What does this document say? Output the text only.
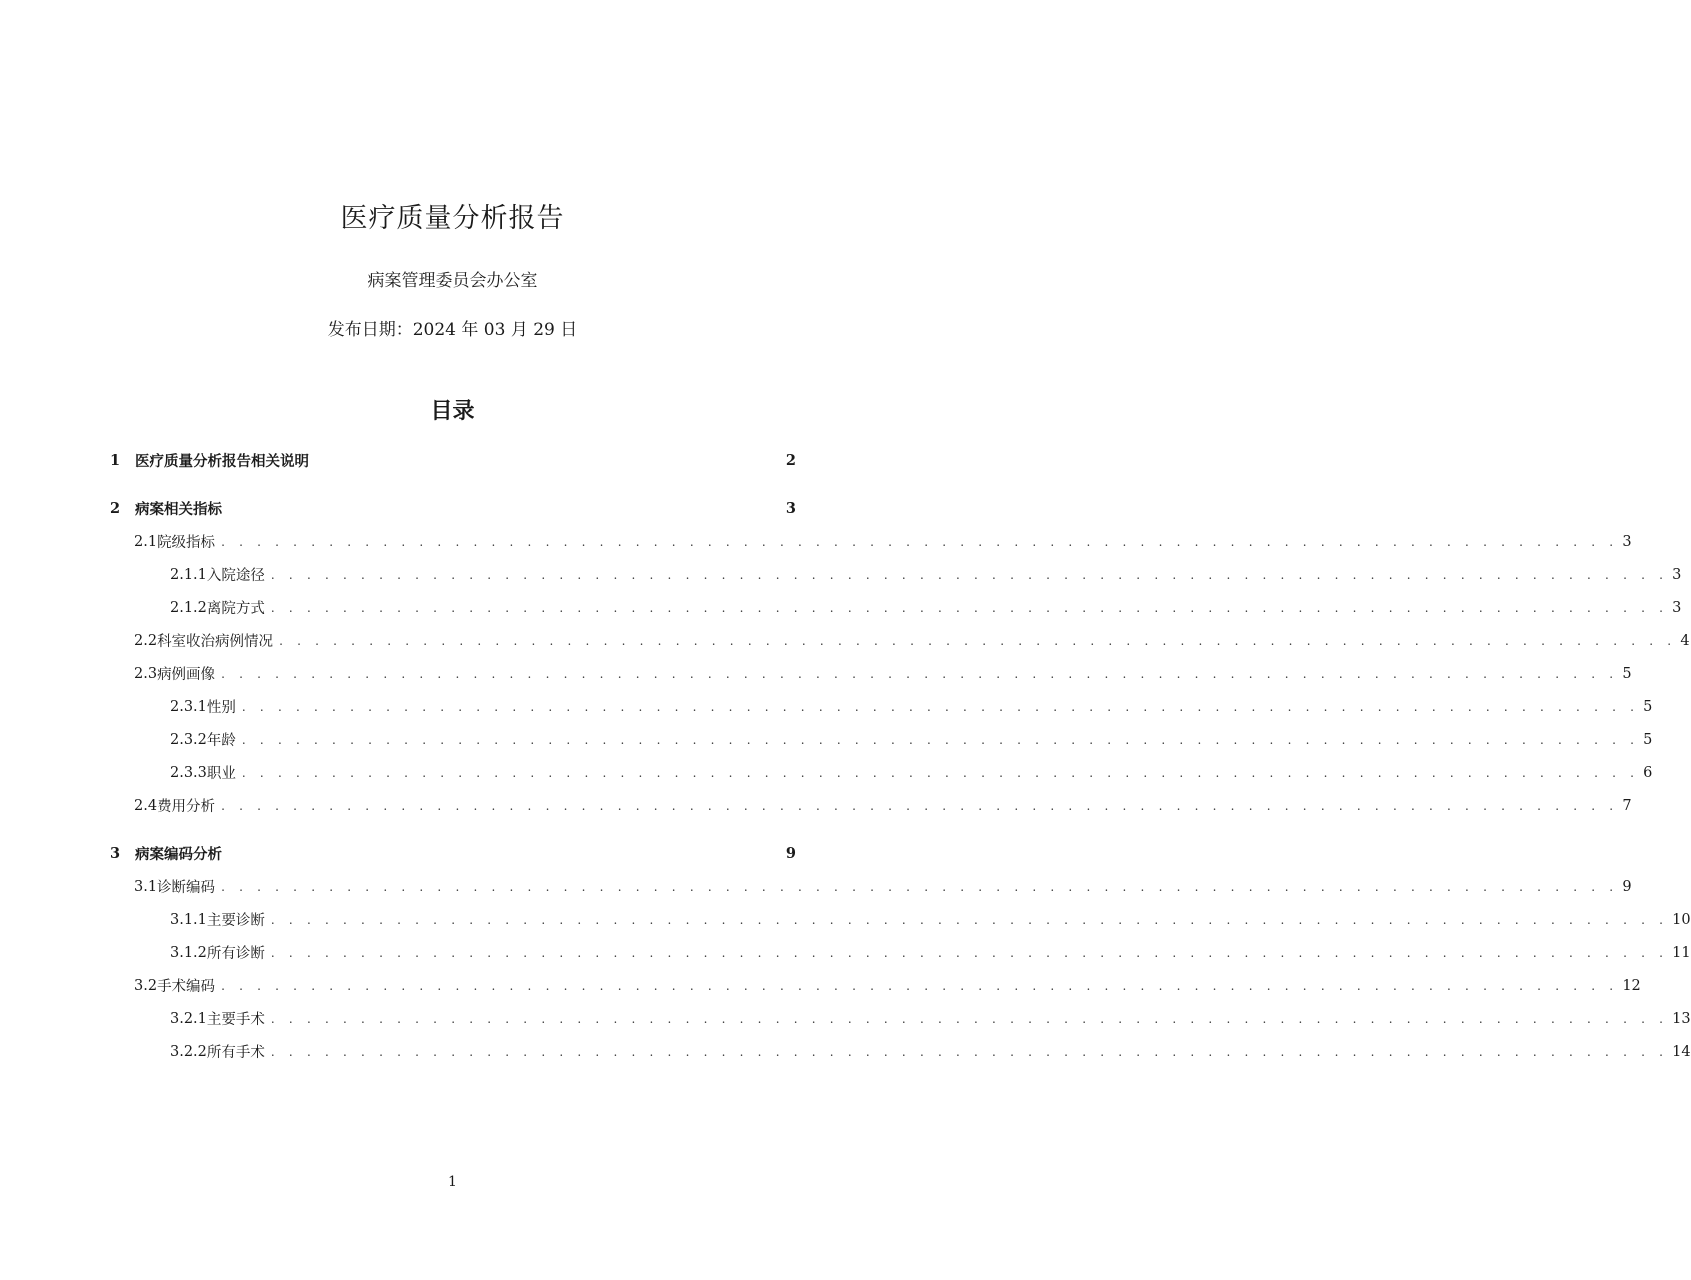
医疗质量分析报告
病案管理委员会办公室
发布日期：2024 年 03 月 29 日
目录
1	医疗质量分析报告相关说明	2
2	病案相关指标	3
2.1 院级指标 . . . . . . . . . . . . . . . . . . . . . . . . . . . . . . . . . . . . . . . . . . . . . . . . . . . . . . . . . . . . . . . . . . . . . . . . . . . . . . 3
2.1.1 入院途径 . . . . . . . . . . . . . . . . . . . . . . . . . . . . . . . . . . . . . . . . . . . . . . . . . . . . . . . . . . . . . . . . . . . . . . . . . . . . . . 3
2.1.2 离院方式 . . . . . . . . . . . . . . . . . . . . . . . . . . . . . . . . . . . . . . . . . . . . . . . . . . . . . . . . . . . . . . . . . . . . . . . . . . . . . . 3
2.2 科室收治病例情况 . . . . . . . . . . . . . . . . . . . . . . . . . . . . . . . . . . . . . . . . . . . . . . . . . . . . . . . . . . . . . . . . . . . . . . . . . . . . . . 4
2.3 病例画像 . . . . . . . . . . . . . . . . . . . . . . . . . . . . . . . . . . . . . . . . . . . . . . . . . . . . . . . . . . . . . . . . . . . . . . . . . . . . . . 5
2.3.1 性别 . . . . . . . . . . . . . . . . . . . . . . . . . . . . . . . . . . . . . . . . . . . . . . . . . . . . . . . . . . . . . . . . . . . . . . . . . . . . . . 5
2.3.2 年龄 . . . . . . . . . . . . . . . . . . . . . . . . . . . . . . . . . . . . . . . . . . . . . . . . . . . . . . . . . . . . . . . . . . . . . . . . . . . . . . 5
2.3.3 职业 . . . . . . . . . . . . . . . . . . . . . . . . . . . . . . . . . . . . . . . . . . . . . . . . . . . . . . . . . . . . . . . . . . . . . . . . . . . . . . 6
2.4 费用分析 . . . . . . . . . . . . . . . . . . . . . . . . . . . . . . . . . . . . . . . . . . . . . . . . . . . . . . . . . . . . . . . . . . . . . . . . . . . . . . 7
3	病案编码分析	9
3.1 诊断编码 . . . . . . . . . . . . . . . . . . . . . . . . . . . . . . . . . . . . . . . . . . . . . . . . . . . . . . . . . . . . . . . . . . . . . . . . . . . . . . 9
3.1.1 主要诊断 . . . . . . . . . . . . . . . . . . . . . . . . . . . . . . . . . . . . . . . . . . . . . . . . . . . . . . . . . . . . . . . . . . . . . . . . . . . . . . 10
3.1.2 所有诊断 . . . . . . . . . . . . . . . . . . . . . . . . . . . . . . . . . . . . . . . . . . . . . . . . . . . . . . . . . . . . . . . . . . . . . . . . . . . . . . 11
3.2 手术编码 . . . . . . . . . . . . . . . . . . . . . . . . . . . . . . . . . . . . . . . . . . . . . . . . . . . . . . . . . . . . . . . . . . . . . . . . . . . . . . 12
3.2.1 主要手术 . . . . . . . . . . . . . . . . . . . . . . . . . . . . . . . . . . . . . . . . . . . . . . . . . . . . . . . . . . . . . . . . . . . . . . . . . . . . . . 13
3.2.2 所有手术 . . . . . . . . . . . . . . . . . . . . . . . . . . . . . . . . . . . . . . . . . . . . . . . . . . . . . . . . . . . . . . . . . . . . . . . . . . . . . . 14
1
